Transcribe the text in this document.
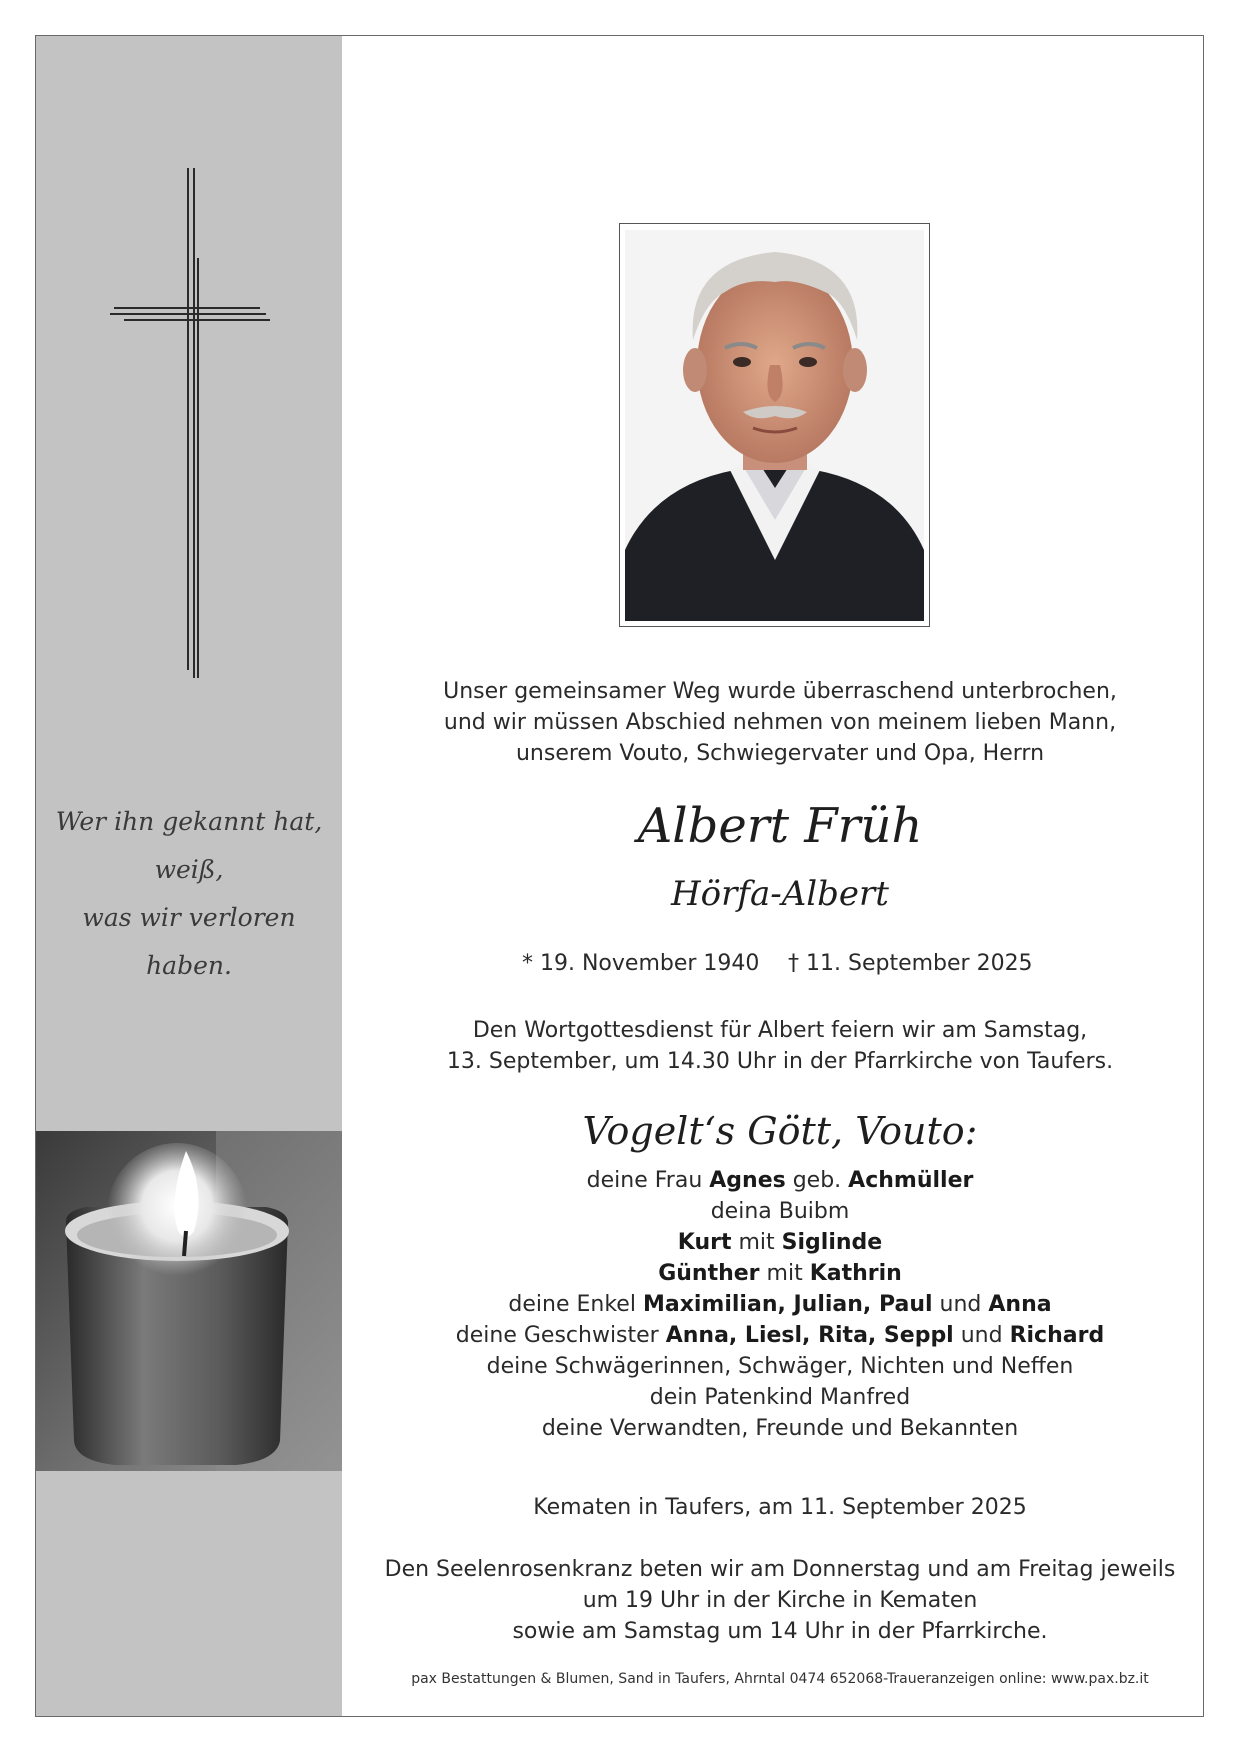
Wer ihn gekannt hat,
weiß,
was wir verloren haben.
Unser gemeinsamer Weg wurde überraschend unterbrochen,
und wir müssen Abschied nehmen von meinem lieben Mann,
unserem Vouto, Schwiegervater und Opa, Herrn
Albert Früh
Hörfa-Albert
* 19. November 1940 † 11. September 2025
Den Wortgottesdienst für Albert feiern wir am Samstag,
13. September, um 14.30 Uhr in der Pfarrkirche von Taufers.
Vogelt‘s Gött, Vouto:
deine Frau Agnes geb. Achmüller
deina Buibm
Kurt mit Siglinde
Günther mit Kathrin
deine Enkel Maximilian, Julian, Paul und Anna
deine Geschwister Anna, Liesl, Rita, Seppl und Richard
deine Schwägerinnen, Schwäger, Nichten und Neffen
dein Patenkind Manfred
deine Verwandten, Freunde und Bekannten
Kematen in Taufers, am 11. September 2025
Den Seelenrosenkranz beten wir am Donnerstag und am Freitag jeweils
um 19 Uhr in der Kirche in Kematen
sowie am Samstag um 14 Uhr in der Pfarrkirche.
pax Bestattungen & Blumen, Sand in Taufers, Ahrntal 0474 652068-Traueranzeigen online: www.pax.bz.it
